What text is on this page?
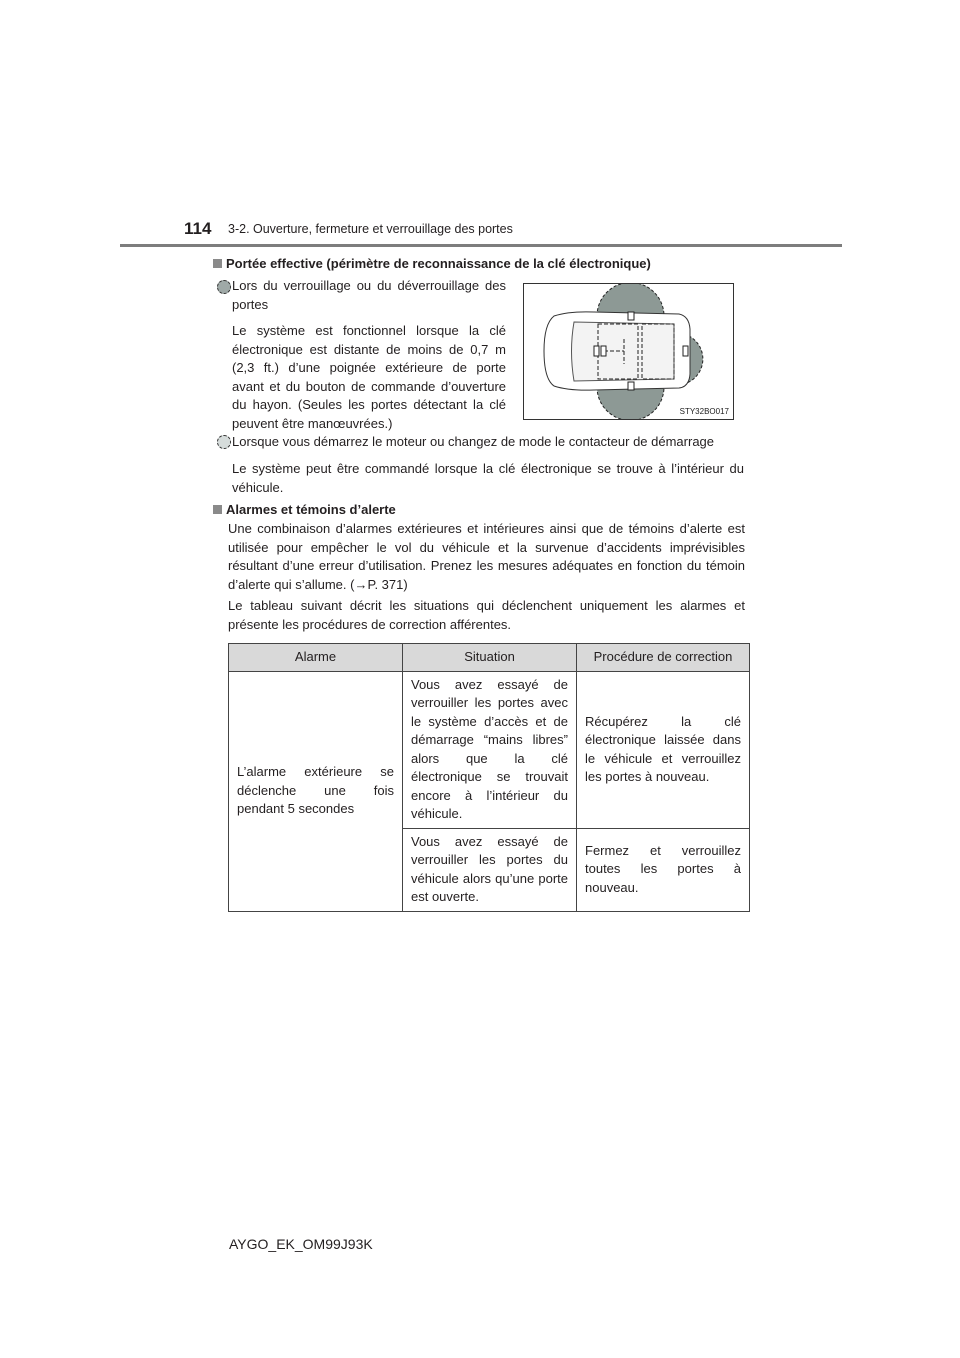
114 3-2. Ouverture, fermeture et verrouillage des portes
Portée effective (périmètre de reconnaissance de la clé électronique)
Lors du verrouillage ou du déverrouillage des portes
Le système est fonctionnel lorsque la clé électronique est distante de moins de 0,7 m (2,3 ft.) d’une poignée extérieure de porte avant et du bouton de commande d’ouverture du hayon. (Seules les portes détectant la clé peuvent être manœuvrées.)
STY32BO017
Lorsque vous démarrez le moteur ou changez de mode le contacteur de démarrage
Le système peut être commandé lorsque la clé électronique se trouve à l’intérieur du véhicule.
Alarmes et témoins d’alerte
Une combinaison d’alarmes extérieures et intérieures ainsi que de témoins d’alerte est utilisée pour empêcher le vol du véhicule et la survenue d’accidents imprévisibles résultant d’une erreur d’utilisation. Prenez les mesures adéquates en fonction du témoin d’alerte qui s’allume. (→P. 371)
Le tableau suivant décrit les situations qui déclenchent uniquement les alarmes et présente les procédures de correction afférentes.
Alarme	Situation	Procédure de correction
L’alarme extérieure se déclenche une fois pendant 5 secondes	Vous avez essayé de verrouiller les portes avec le système d’accès et de démarrage “mains libres” alors que la clé électronique se trouvait encore à l’intérieur du véhicule.	Récupérez la clé électronique laissée dans le véhicule et verrouillez les portes à nouveau.
	Vous avez essayé de verrouiller les portes du véhicule alors qu’une porte est ouverte.	Fermez et verrouillez toutes les portes à nouveau.
AYGO_EK_OM99J93K
